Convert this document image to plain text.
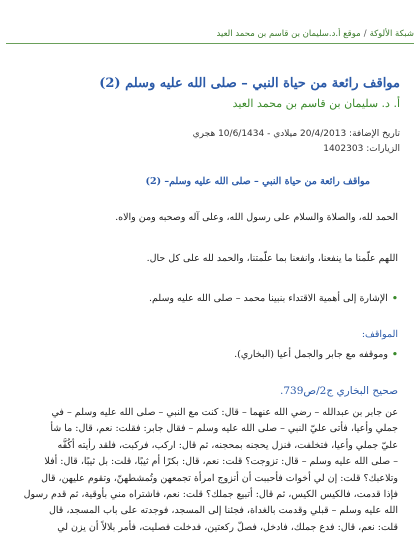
شبكة الألوكة/موقع أ.د.سليمان بن قاسم بن محمد العيد
مواقف رائعة من حياة النبي – صلى الله عليه وسلم (2)
أ. د. سليمان بن قاسم بن محمد العيد
تاريخ الإضافة: 20/4/2013 ميلادي - 10/6/1434 هجري
الزيارات: 1402303
مواقف رائعة من حياة النبي – صلى الله عليه وسلم– (2)
الحمد لله، والصلاة والسلام على رسول الله، وعلى آله وصحبه ومن والاه.
اللهم علّمنا ما ينفعنا، وانفعنا بما علّمتنا، والحمد لله على كل حال.
•الإشارة إلى أهمية الاقتداء بنبينا محمد – صلى الله عليه وسلم.
المواقف:
•وموقفه مع جابر والجمل أعيا (البخاري).
صحيح البخاري ج2/ص739.
عن جابر بن عبدالله – رضي الله عنهما – قال: كنت مع النبي – صلى الله عليه وسلم – في
جملي وأعيا، فأتى عليّ النبي – صلى الله عليه وسلم – فقال جابر: فقلت: نعم، قال: ما شأ
عليّ جملي وأعيا، فتخلفت، فنزل يحجنه بمحجنه، ثم قال: اركب، فركبت، فلقد رأيته أكُفُّه
– صلى الله عليه وسلم – قال: تزوجت؟ قلت: نعم، قال: بكرًا أم ثيبًا، قلت: بل ثيبًا، قال: أفلا
وتلاعبك؟ قلت: إن لي أخوات فأحببت أن أتزوج امرأة تجمعهن وتُمشطهنّ، وتقوم عليهن، قال
فإذا قدمت، فالكيس الكيس، ثم قال: أتبيع جملك؟ قلت: نعم، فاشتراه مني بأوقية، ثم قدم رسول
الله عليه وسلم – قبلي وقدمت بالغداة، فجئنا إلى المسجد، فوجدته على باب المسجد، قال
قلت: نعم، قال: فدع جملك، فادخل، فصلّ ركعتين، فدخلت فصليت، فأمر بلالاً أن يزن لي
